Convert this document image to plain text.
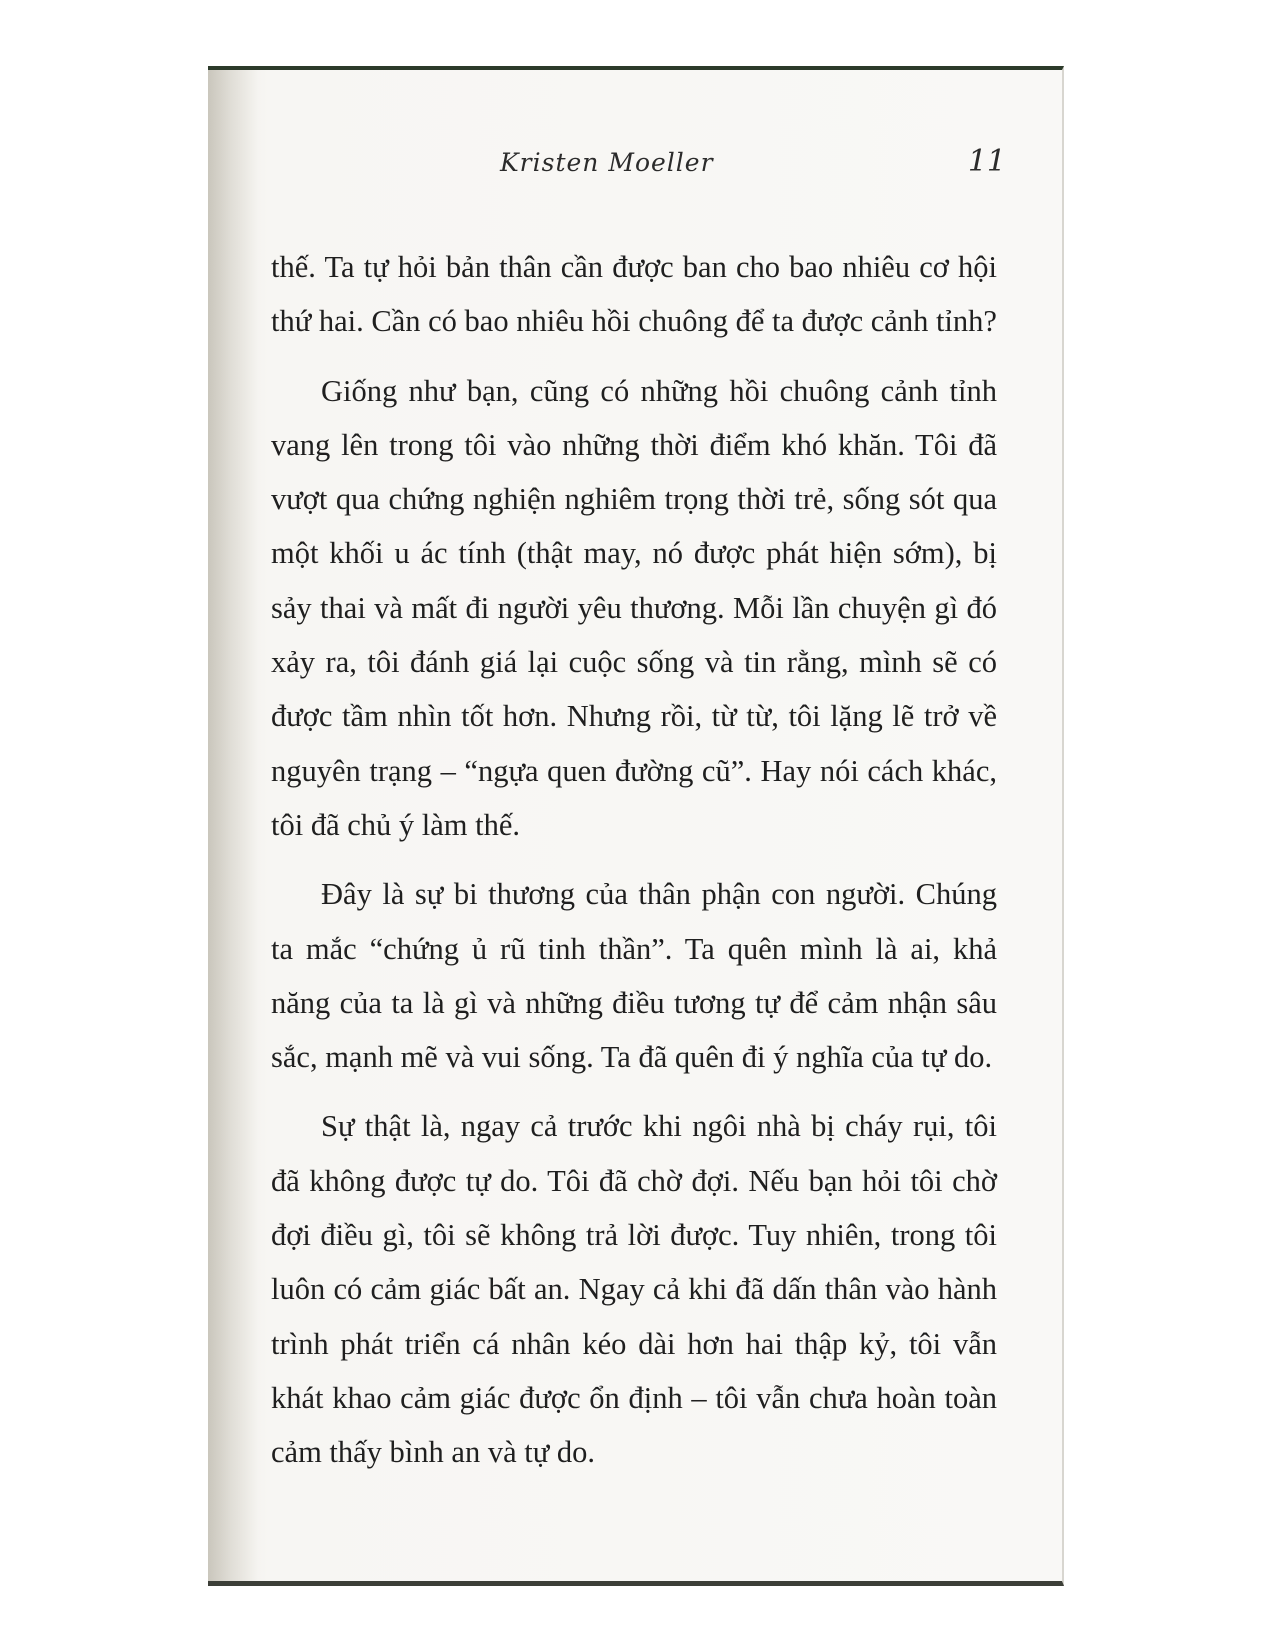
Kristen Moeller	11

thế. Ta tự hỏi bản thân cần được ban cho bao nhiêu cơ hội thứ hai. Cần có bao nhiêu hồi chuông để ta được cảnh tỉnh?

Giống như bạn, cũng có những hồi chuông cảnh tỉnh vang lên trong tôi vào những thời điểm khó khăn. Tôi đã vượt qua chứng nghiện nghiêm trọng thời trẻ, sống sót qua một khối u ác tính (thật may, nó được phát hiện sớm), bị sảy thai và mất đi người yêu thương. Mỗi lần chuyện gì đó xảy ra, tôi đánh giá lại cuộc sống và tin rằng, mình sẽ có được tầm nhìn tốt hơn. Nhưng rồi, từ từ, tôi lặng lẽ trở về nguyên trạng – “ngựa quen đường cũ”. Hay nói cách khác, tôi đã chủ ý làm thế.

Đây là sự bi thương của thân phận con người. Chúng ta mắc “chứng ủ rũ tinh thần”. Ta quên mình là ai, khả năng của ta là gì và những điều tương tự để cảm nhận sâu sắc, mạnh mẽ và vui sống. Ta đã quên đi ý nghĩa của tự do.

Sự thật là, ngay cả trước khi ngôi nhà bị cháy rụi, tôi đã không được tự do. Tôi đã chờ đợi. Nếu bạn hỏi tôi chờ đợi điều gì, tôi sẽ không trả lời được. Tuy nhiên, trong tôi luôn có cảm giác bất an. Ngay cả khi đã dấn thân vào hành trình phát triển cá nhân kéo dài hơn hai thập kỷ, tôi vẫn khát khao cảm giác được ổn định – tôi vẫn chưa hoàn toàn cảm thấy bình an và tự do.
